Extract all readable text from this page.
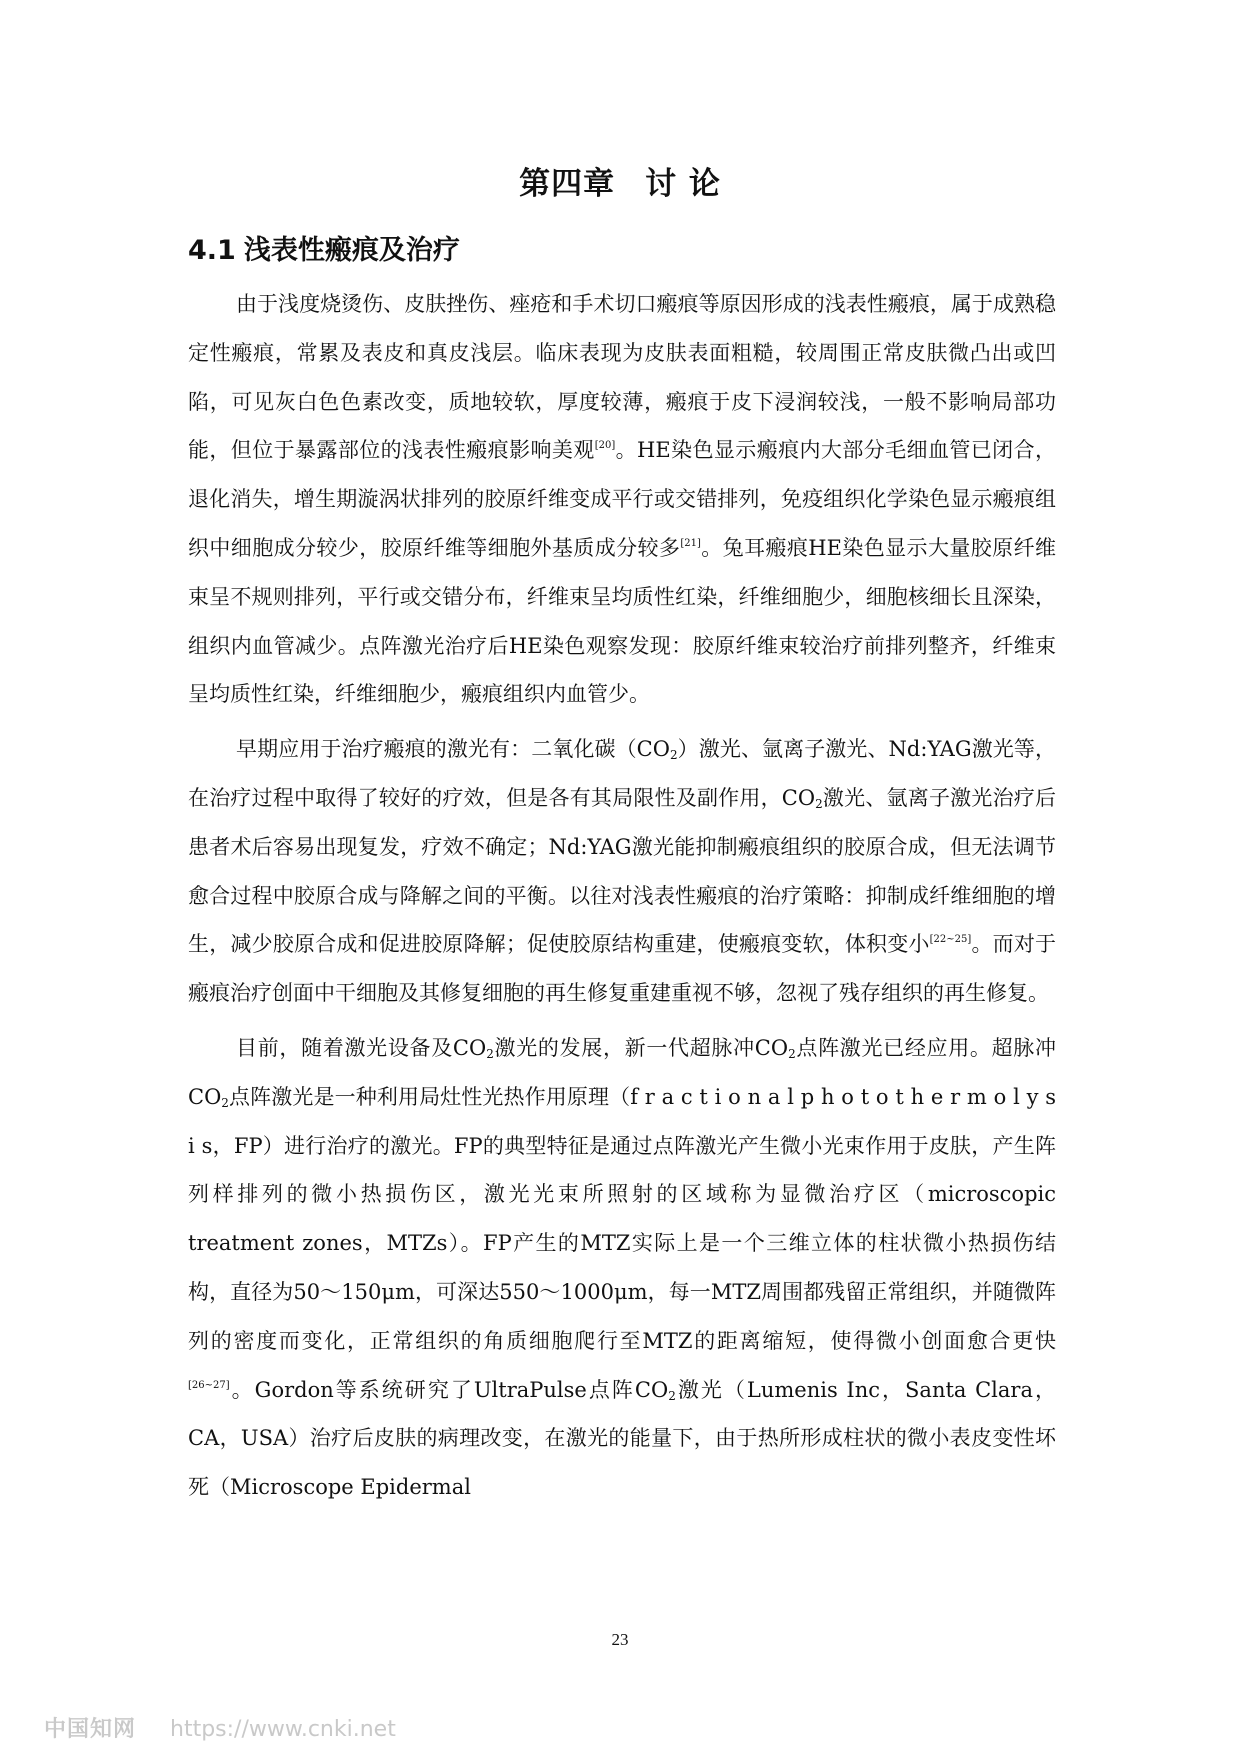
第四章 讨 论
4.1 浅表性瘢痕及治疗

由于浅度烧烫伤、皮肤挫伤、痤疮和手术切口瘢痕等原因形成的浅表性瘢痕，属于成熟稳定性瘢痕，常累及表皮和真皮浅层。临床表现为皮肤表面粗糙，较周围正常皮肤微凸出或凹陷，可见灰白色色素改变，质地较软，厚度较薄，瘢痕于皮下浸润较浅，一般不影响局部功能，但位于暴露部位的浅表性瘢痕影响美观[20]。HE染色显示瘢痕内大部分毛细血管已闭合，退化消失，增生期漩涡状排列的胶原纤维变成平行或交错排列，免疫组织化学染色显示瘢痕组织中细胞成分较少，胶原纤维等细胞外基质成分较多[21]。兔耳瘢痕HE染色显示大量胶原纤维束呈不规则排列，平行或交错分布，纤维束呈均质性红染，纤维细胞少，细胞核细长且深染，组织内血管减少。点阵激光治疗后HE染色观察发现：胶原纤维束较治疗前排列整齐，纤维束呈均质性红染，纤维细胞少，瘢痕组织内血管少。

早期应用于治疗瘢痕的激光有：二氧化碳$(CO_2)$激光、氩离子激光、Nd:YAG激光等，在治疗过程中取得了较好的疗效，但是各有其局限性及副作用，$CO_2$激光、氩离子激光治疗后患者术后容易出现复发，疗效不确定；Nd:YAG激光能抑制瘢痕组织的胶原合成，但无法调节愈合过程中胶原合成与降解之间的平衡。以往对浅表性瘢痕的治疗策略：抑制成纤维细胞的增生，减少胶原合成和促进胶原降解；促使胶原结构重建，使瘢痕变软，体积变小[22~25]。而对于瘢痕治疗创面中干细胞及其修复细胞的再生修复重建重视不够，忽视了残存组织的再生修复。

目前，随着激光设备及$CO_2$激光的发展，新一代超脉冲$CO_2$点阵激光已经应用。超脉冲$CO_2$点阵激光是一种利用局灶性光热作用原理（f r a c t i o n a l p h o t o t h e r m o l y s i s，FP）进行治疗的激光。FP的典型特征是通过点阵激光产生微小光束作用于皮肤，产生阵列样排列的微小热损伤区，激光光束所照射的区域称为显微治疗区（microscopic treatment zones，MTZs）。FP产生的MTZ实际上是一个三维立体的柱状微小热损伤结构，直径为50～150μm，可深达550～1000μm，每一MTZ周围都残留正常组织，并随微阵列的密度而变化，正常组织的角质细胞爬行至MTZ的距离缩短，使得微小创面愈合更快[26~27]。Gordon等系统研究了UltraPulse点阵$CO_2$激光（Lumenis Inc，Santa Clara，CA，USA）治疗后皮肤的病理改变，在激光的能量下，由于热所形成柱状的微小表皮变性坏死（Microscope Epidermal

23
中国知网 https://www.cnki.net
